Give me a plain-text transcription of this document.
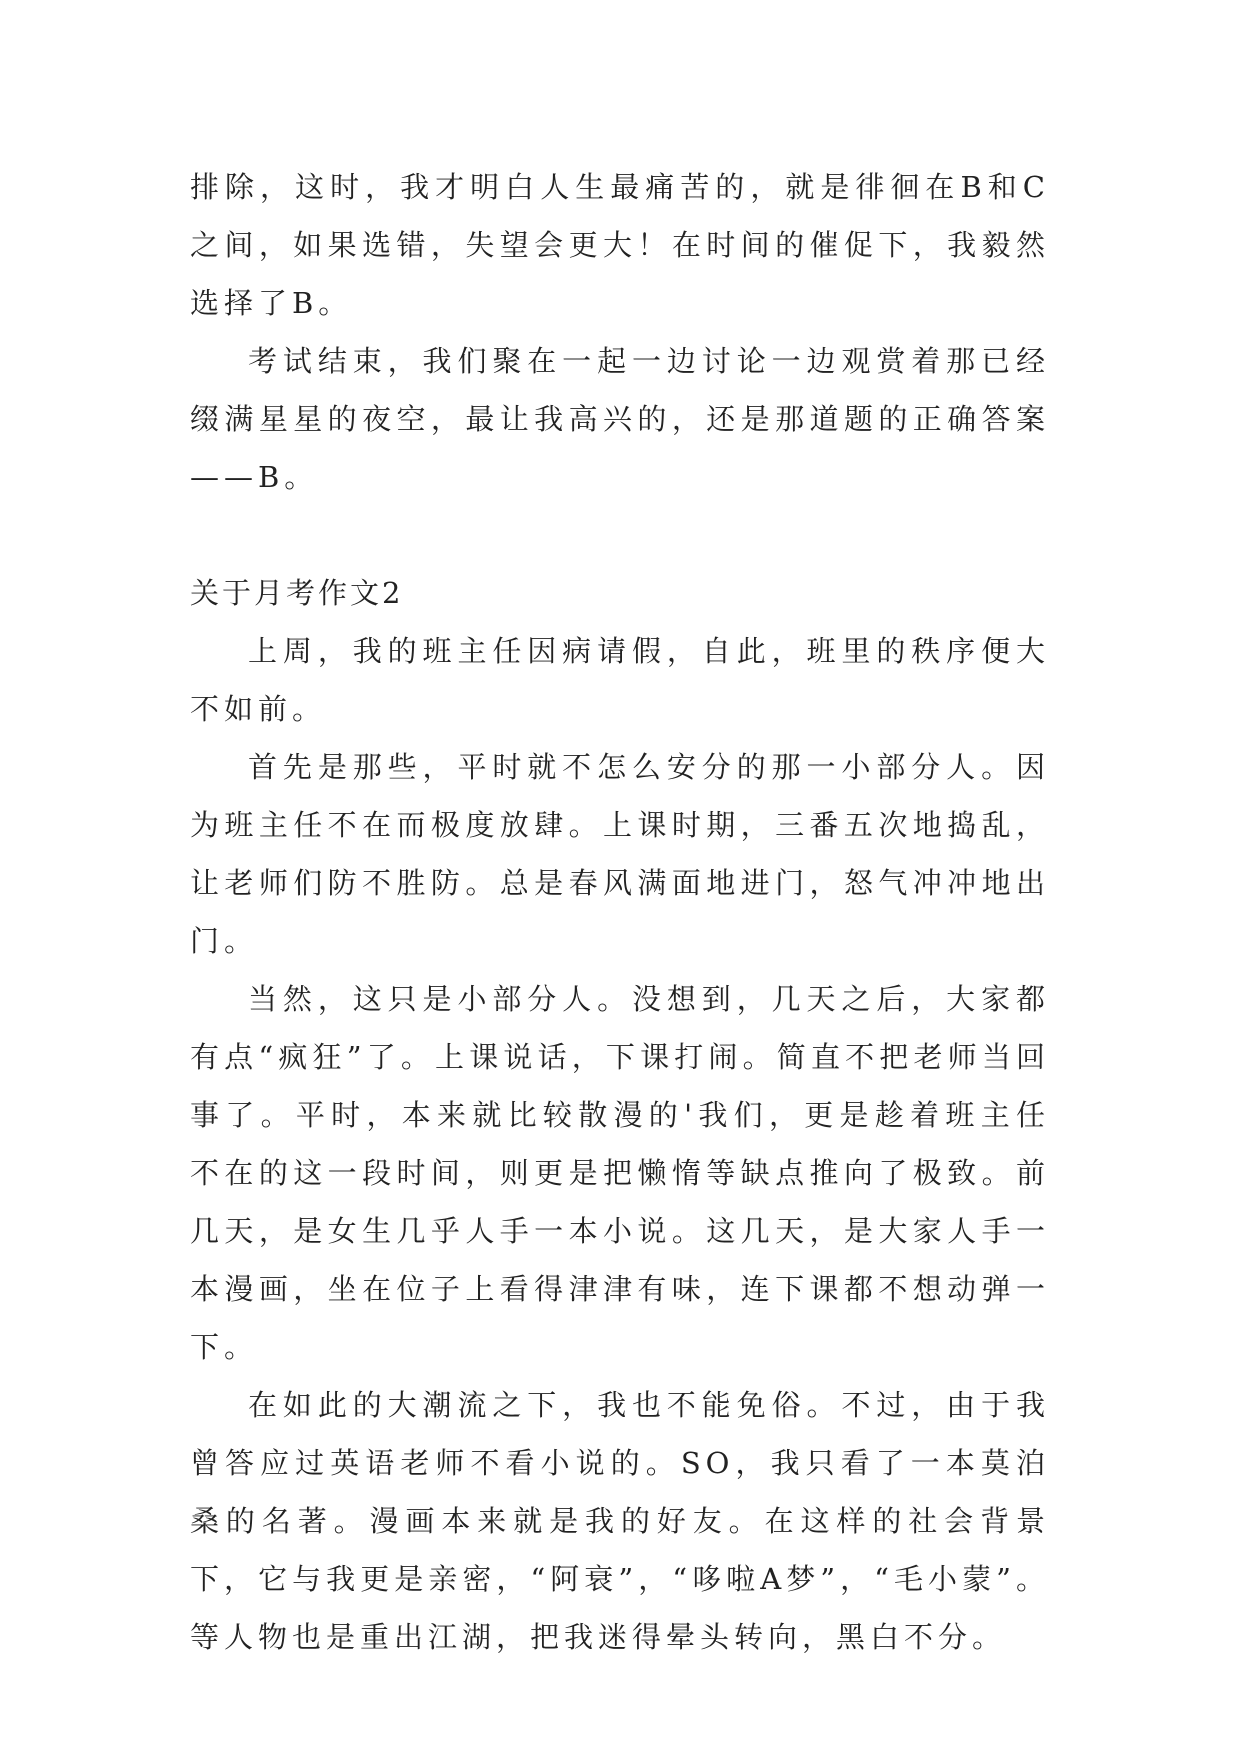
排除，这时，我才明白人生最痛苦的，就是徘徊在B和C之间，如果选错，失望会更大！在时间的催促下，我毅然选择了B。

考试结束，我们聚在一起一边讨论一边观赏着那已经缀满星星的夜空，最让我高兴的，还是那道题的正确答案——B。

关于月考作文2

上周，我的班主任因病请假，自此，班里的秩序便大不如前。

首先是那些，平时就不怎么安分的那一小部分人。因为班主任不在而极度放肆。上课时期，三番五次地捣乱，让老师们防不胜防。总是春风满面地进门，怒气冲冲地出门。

当然，这只是小部分人。没想到，几天之后，大家都有点“疯狂”了。上课说话，下课打闹。简直不把老师当回事了。平时，本来就比较散漫的'我们，更是趁着班主任不在的这一段时间，则更是把懒惰等缺点推向了极致。前几天，是女生几乎人手一本小说。这几天，是大家人手一本漫画，坐在位子上看得津津有味，连下课都不想动弹一下。

在如此的大潮流之下，我也不能免俗。不过，由于我曾答应过英语老师不看小说的。SO，我只看了一本莫泊桑的名著。漫画本来就是我的好友。在这样的社会背景下，它与我更是亲密，“阿衰”，“哆啦A梦”，“毛小蒙”。等人物也是重出江湖，把我迷得晕头转向，黑白不分。
